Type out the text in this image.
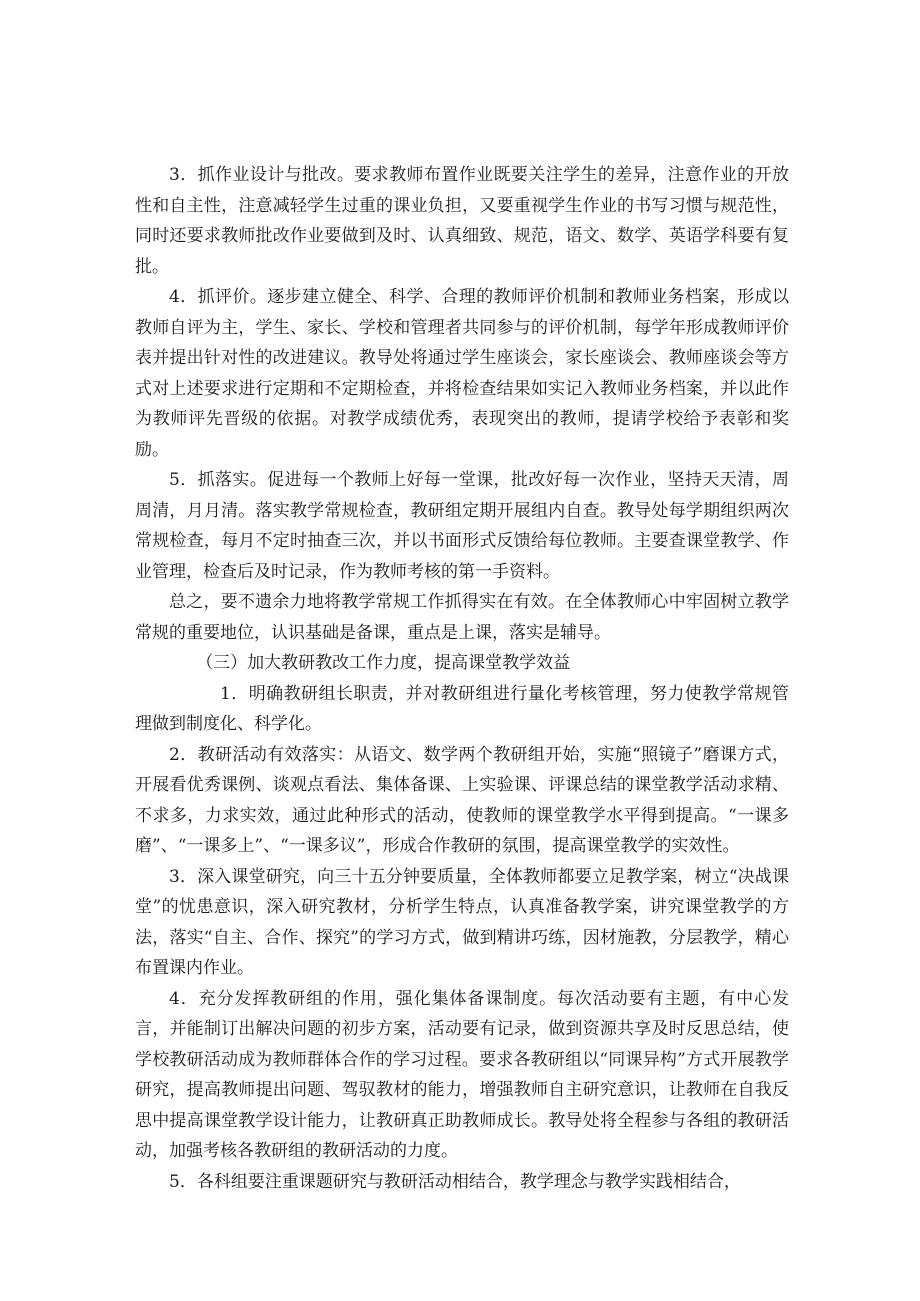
3．抓作业设计与批改。要求教师布置作业既要关注学生的差异，注意作业的开放性和自主性，注意减轻学生过重的课业负担，又要重视学生作业的书写习惯与规范性，同时还要求教师批改作业要做到及时、认真细致、规范，语文、数学、英语学科要有复批。

4．抓评价。逐步建立健全、科学、合理的教师评价机制和教师业务档案，形成以教师自评为主，学生、家长、学校和管理者共同参与的评价机制，每学年形成教师评价表并提出针对性的改进建议。教导处将通过学生座谈会，家长座谈会、教师座谈会等方式对上述要求进行定期和不定期检查，并将检查结果如实记入教师业务档案，并以此作为教师评先晋级的依据。对教学成绩优秀，表现突出的教师，提请学校给予表彰和奖励。

5．抓落实。促进每一个教师上好每一堂课，批改好每一次作业，坚持天天清，周周清，月月清。落实教学常规检查，教研组定期开展组内自查。教导处每学期组织两次常规检查，每月不定时抽查三次，并以书面形式反馈给每位教师。主要查课堂教学、作业管理，检查后及时记录，作为教师考核的第一手资料。

总之，要不遗余力地将教学常规工作抓得实在有效。在全体教师心中牢固树立教学常规的重要地位，认识基础是备课，重点是上课，落实是辅导。

（三）加大教研教改工作力度，提高课堂教学效益

1．明确教研组长职责，并对教研组进行量化考核管理，努力使教学常规管理做到制度化、科学化。

2．教研活动有效落实：从语文、数学两个教研组开始，实施“照镜子”磨课方式，开展看优秀课例、谈观点看法、集体备课、上实验课、评课总结的课堂教学活动求精、不求多，力求实效，通过此种形式的活动，使教师的课堂教学水平得到提高。“一课多磨”、“一课多上”、“一课多议”，形成合作教研的氛围，提高课堂教学的实效性。

3．深入课堂研究，向三十五分钟要质量，全体教师都要立足教学案，树立“决战课堂”的忧患意识，深入研究教材，分析学生特点，认真准备教学案，讲究课堂教学的方法，落实“自主、合作、探究”的学习方式，做到精讲巧练，因材施教，分层教学，精心布置课内作业。

4．充分发挥教研组的作用，强化集体备课制度。每次活动要有主题，有中心发言，并能制订出解决问题的初步方案，活动要有记录，做到资源共享及时反思总结，使学校教研活动成为教师群体合作的学习过程。要求各教研组以“同课异构”方式开展教学研究，提高教师提出问题、驾驭教材的能力，增强教师自主研究意识，让教师在自我反思中提高课堂教学设计能力，让教研真正助教师成长。教导处将全程参与各组的教研活动，加强考核各教研组的教研活动的力度。

5．各科组要注重课题研究与教研活动相结合，教学理念与教学实践相结合，
